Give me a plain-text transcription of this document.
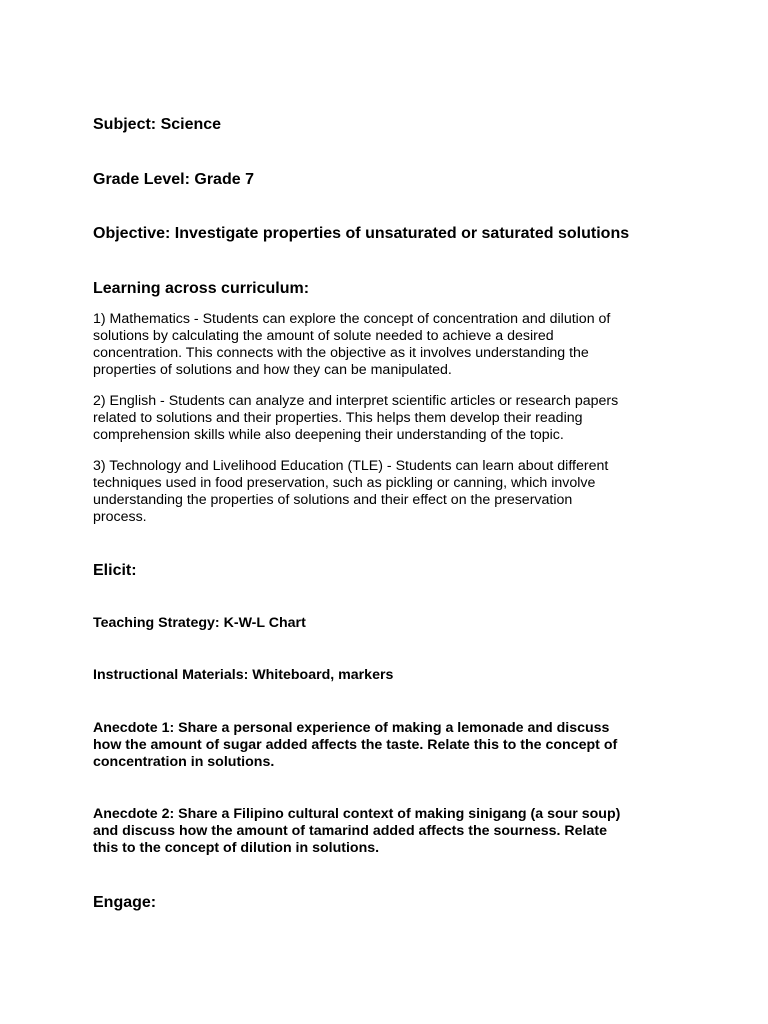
Subject: Science

Grade Level: Grade 7

Objective: Investigate properties of unsaturated or saturated solutions

Learning across curriculum:

1) Mathematics - Students can explore the concept of concentration and dilution of
solutions by calculating the amount of solute needed to achieve a desired
concentration. This connects with the objective as it involves understanding the
properties of solutions and how they can be manipulated.
2) English - Students can analyze and interpret scientific articles or research papers
related to solutions and their properties. This helps them develop their reading
comprehension skills while also deepening their understanding of the topic.
3) Technology and Livelihood Education (TLE) - Students can learn about different
techniques used in food preservation, such as pickling or canning, which involve
understanding the properties of solutions and their effect on the preservation
process.

Elicit:

Teaching Strategy: K-W-L Chart

Instructional Materials: Whiteboard, markers

Anecdote 1: Share a personal experience of making a lemonade and discuss
how the amount of sugar added affects the taste. Relate this to the concept of
concentration in solutions.
Anecdote 2: Share a Filipino cultural context of making sinigang (a sour soup)
and discuss how the amount of tamarind added affects the sourness. Relate
this to the concept of dilution in solutions.

Engage:
